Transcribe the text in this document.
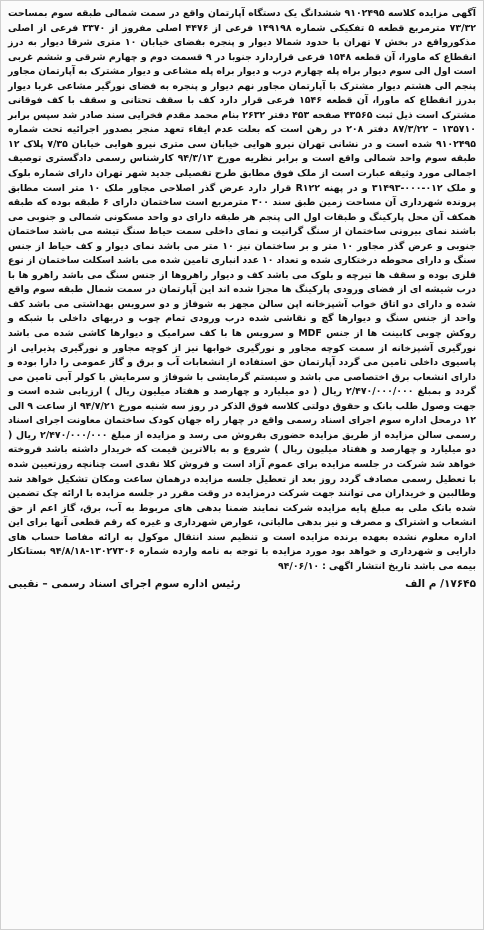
آگهی مزایده کلاسه ۹۱۰۲۴۹۵ ششدانگ یک دستگاه آپارتمان واقع در سمت شمالی طبقه سوم بمساحت ۷۳/۳۲ مترمربع قطعه ۵ تفکیکی شماره ۱۴۹۱۹۸ فرعی از ۴۴۷۶ اصلی مفروز از ۳۳۷۰ فرعی از اصلی مذکورواقع در بخش ۷ تهران با حدود شمالا دیوار و پنجره بفضای خیابان ۱۰ متری شرقا دیوار به درز انقطاع که ماورا، آن قطعه ۱۵۴۸ فرعی قراردارد جنوبا در ۹ قسمت دوم و چهارم شرقی و ششم غربی است اول الی سوم دیوار براه پله چهارم درب و دیوار براه پله مشاعی و دیوار مشترک به آپارتمان مجاور پنجم الی هشتم دیوار مشترک با آپارتمان مجاور نهم دیوار و پنجره به فضای نورگیر مشاعی غربا دیوار بدرز انقطاع که ماورا، آن قطعه ۱۵۴۶ فرعی قرار دارد کف با سقف تحتانی و سقف با کف فوقانی مشترک است ذیل ثبت ۴۳۵۶۵ صفحه ۴۵۳ دفتر ۲۶۳۲ بنام محمد مقدم فخرایی سند صادر شد سپس برابر ۱۳۵۷۱۰ – ۸۷/۳/۲۲ دفتر ۲۰۸ در رهن است که بعلت عدم ایفاء تعهد منجر بصدور اجرائیه تحت شماره ۹۱۰۲۴۹۵ شده است و در نشانی تهران نیرو هوایی خیابان سی متری نیرو هوایی خیابان ۷/۳۵ پلاک ۱۲ طبقه سوم واحد شمالی واقع است و برابر نظریه مورخ ۹۴/۳/۱۳ کارشناس رسمی دادگستری توصیف اجمالی مورد وثیقه عبارت است از ملک فوق مطابق طرح تفصیلی جدید شهر تهران دارای شماره بلوک و ملک ۰۱۲-۰۰۰-۳۱۴۹۳ و در پهنه R۱۲۲ قرار دارد عرض گذر اصلاحی مجاور ملک ۱۰ متر است مطابق پرونده شهرداری آن مساحت زمین طبق سند ۳۰۰ مترمربع است ساختمان دارای ۶ طبقه بوده که طبقه همکف آن محل پارکینگ و طبقات اول الی پنجم هر طبقه دارای دو واحد مسکونی شمالی و جنوبی می باشند نمای بیرونی ساختمان از سنگ گرانیت و نمای داخلی سمت حیاط سنگ تیشه می باشد ساختمان جنوبی و عرض گذر مجاور ۱۰ متر و بر ساختمان نیز ۱۰ متر می باشد نمای دیوار و کف حیاط از جنس سنگ و دارای محوطه درختکاری شده و تعداد ۱۰ عدد انباری تامین شده می باشد اسکلت ساختمان از نوع فلزی بوده و سقف ها تیرچه و بلوک می باشد کف و دیوار راهروها از جنس سنگ می باشد راهرو ها با درب شیشه ای از فضای ورودی پارکینگ ها مجزا شده اند این آپارتمان در سمت شمال طبقه سوم واقع شده و دارای دو اتاق خواب آشپزخانه اپن سالن مجهز به شوفاژ و دو سرویس بهداشتی می باشد کف واحد از جنس سنگ و دیوارها گچ و نقاشی شده درب ورودی تمام چوب و دربهای داخلی با شبکه و روکش چوبی کابینت ها از جنس MDF و سرویس ها با کف سرامیک و دیوارها کاشی شده می باشد نورگیری آشپزخانه از سمت کوچه مجاور و نورگیری خوابها نیز از کوچه مجاور و نورگیری پذیرایی از پاسیوی داخلی تامین می گردد آپارتمان حق استفاده از انشعابات آب و برق و گاز عمومی را دارا بوده و دارای انشعاب برق اختصاصی می باشد و سیستم گرمایشی با شوفاژ و سرمایش با کولر آبی تامین می گردد و بمبلغ ۲/۴۷۰/۰۰۰/۰۰۰ ریال ( دو میلیارد و چهارصد و هفتاد میلیون ریال ) ارزیابی شده است و جهت وصول طلب بانک و حقوق دولتی کلاسه فوق الذکر در روز سه شنبه مورخ ۹۴/۷/۲۱ از ساعت ۹ الی ۱۲ درمحل اداره سوم اجرای اسناد رسمی واقع در چهار راه جهان کودک ساختمان معاونت اجرای اسناد رسمی سالن مزایده از طریق مزایده حضوری بفروش می رسد و مزایده از مبلغ ۲/۴۷۰/۰۰۰/۰۰۰ ریال ( دو میلیارد و چهارصد و هفتاد میلیون ریال ) شروع و به بالاترین قیمت که خریدار داشته باشد فروخته خواهد شد شرکت در جلسه مزایده برای عموم آزاد است و فروش کلا نقدی است چنانچه روزتعیین شده با تعطیل رسمی مصادف گردد روز بعد از تعطیل جلسه مزایده درهمان ساعت ومکان تشکیل خواهد شد وطالبین و خریداران می توانند جهت شرکت درمزایده در وقت مقرر در جلسه مزایده با ارائه چک تضمین شده بانک ملی به مبلغ پایه مزایده شرکت نمایند ضمنا بدهی های مربوط به آب، برق، گاز اعم از حق انشعاب و اشتراک و مصرف و نیز بدهی مالیاتی، عوارض شهرداری و غیره که رقم قطعی آنها برای این اداره معلوم نشده بعهده برنده مزایده است و تنظیم سند انتقال موکول به ارائه مفاصا حساب های دارایی و شهرداری و خواهد بود مورد مزایده با توجه به نامه وارده شماره ۱۳۰۲۷۳۰۶-۹۴/۸/۱۸ بستانکار بیمه می باشد تاریخ انتشار اگهی : ۹۴/۰۶/۱۰

۱۷۶۴۵/ م الف
رئیس اداره سوم اجرای اسناد رسمی – نقیبی
